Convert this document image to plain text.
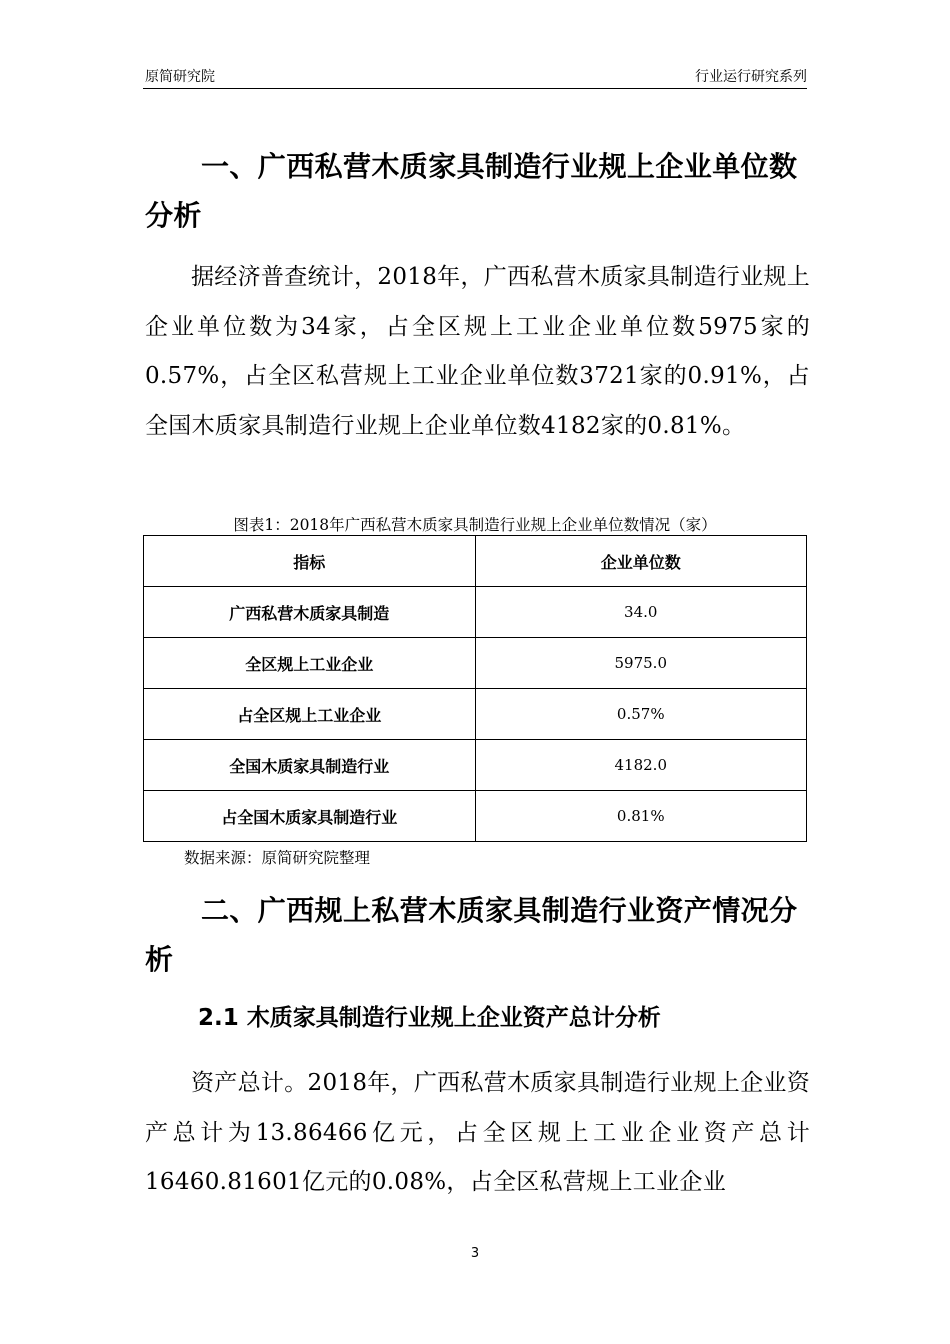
原简研究院	行业运行研究系列
一、广西私营木质家具制造行业规上企业单位数分析

据经济普查统计，2018年，广西私营木质家具制造行业规上企业单位数为34家，占全区规上工业企业单位数5975家的0.57%，占全区私营规上工业企业单位数3721家的0.91%，占全国木质家具制造行业规上企业单位数4182家的0.81%。

图表1：2018年广西私营木质家具制造行业规上企业单位数情况（家）
指标	企业单位数
广西私营木质家具制造	34.0
全区规上工业企业	5975.0
占全区规上工业企业	0.57%
全国木质家具制造行业	4182.0
占全国木质家具制造行业	0.81%
数据来源：原简研究院整理
二、广西规上私营木质家具制造行业资产情况分析
2.1 木质家具制造行业规上企业资产总计分析

资产总计。2018年，广西私营木质家具制造行业规上企业资产总计为13.86466亿元，占全区规上工业企业资产总计16460.81601亿元的0.08%，占全区私营规上工业企业

3
